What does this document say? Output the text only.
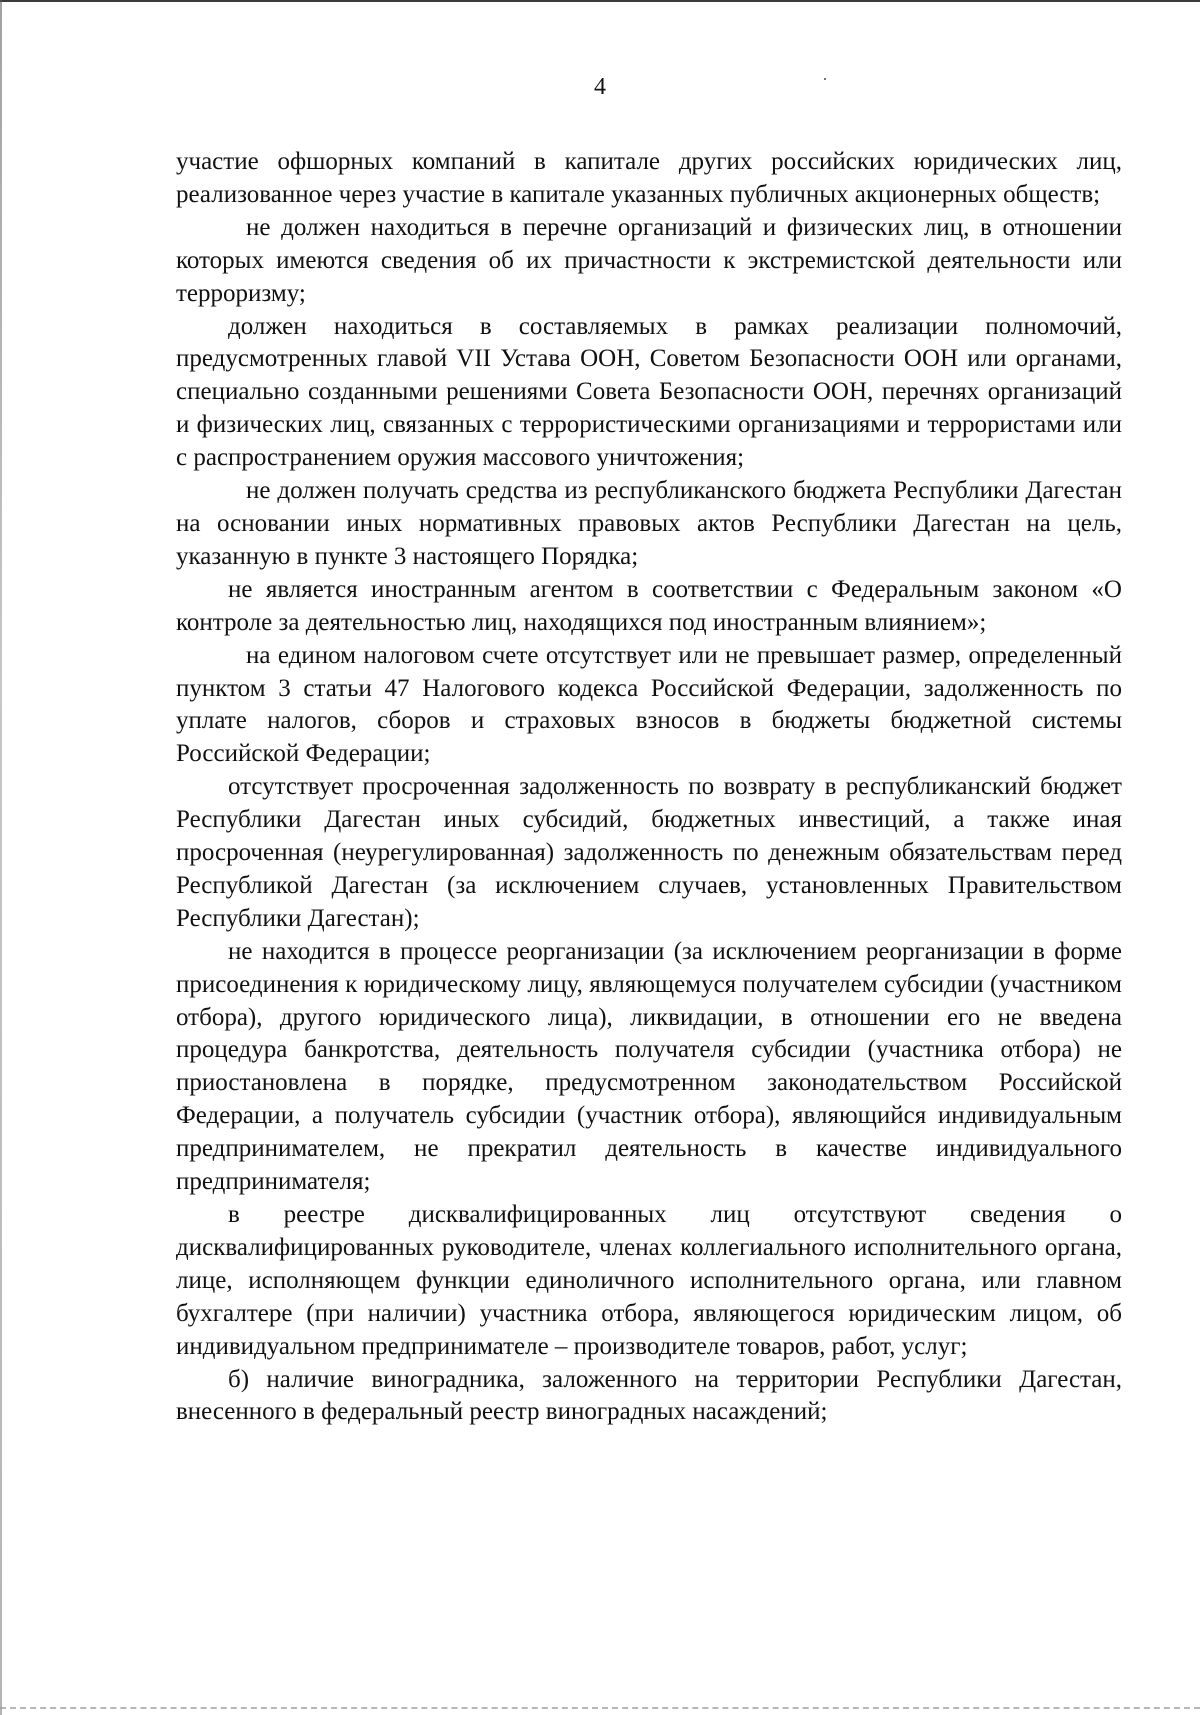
4

участие офшорных компаний в капитале других российских юридических лиц, реализованное через участие в капитале указанных публичных акционерных обществ;

не должен находиться в перечне организаций и физических лиц, в отношении которых имеются сведения об их причастности к экстремистской деятельности или терроризму;

должен находиться в составляемых в рамках реализации полномочий, предусмотренных главой VII Устава ООН, Советом Безопасности ООН или органами, специально созданными решениями Совета Безопасности ООН, перечнях организаций и физических лиц, связанных с террористическими организациями и террористами или с распространением оружия массового уничтожения;

не должен получать средства из республиканского бюджета Республики Дагестан на основании иных нормативных правовых актов Республики Дагестан на цель, указанную в пункте 3 настоящего Порядка;

не является иностранным агентом в соответствии с Федеральным законом «О контроле за деятельностью лиц, находящихся под иностранным влиянием»;

на едином налоговом счете отсутствует или не превышает размер, определенный пунктом 3 статьи 47 Налогового кодекса Российской Федерации, задолженность по уплате налогов, сборов и страховых взносов в бюджеты бюджетной системы Российской Федерации;

отсутствует просроченная задолженность по возврату в республиканский бюджет Республики Дагестан иных субсидий, бюджетных инвестиций, а также иная просроченная (неурегулированная) задолженность по денежным обязательствам перед Республикой Дагестан (за исключением случаев, установленных Правительством Республики Дагестан);

не находится в процессе реорганизации (за исключением реорганизации в форме присоединения к юридическому лицу, являющемуся получателем субсидии (участником отбора), другого юридического лица), ликвидации, в отношении его не введена процедура банкротства, деятельность получателя субсидии (участника отбора) не приостановлена в порядке, предусмотренном законодательством Российской Федерации, а получатель субсидии (участник отбора), являющийся индивидуальным предпринимателем, не прекратил деятельность в качестве индивидуального предпринимателя;

в реестре дисквалифицированных лиц отсутствуют сведения о дисквалифицированных руководителе, членах коллегиального исполнительного органа, лице, исполняющем функции единоличного исполнительного органа, или главном бухгалтере (при наличии) участника отбора, являющегося юридическим лицом, об индивидуальном предпринимателе – производителе товаров, работ, услуг;

б) наличие виноградника, заложенного на территории Республики Дагестан, внесенного в федеральный реестр виноградных насаждений;
